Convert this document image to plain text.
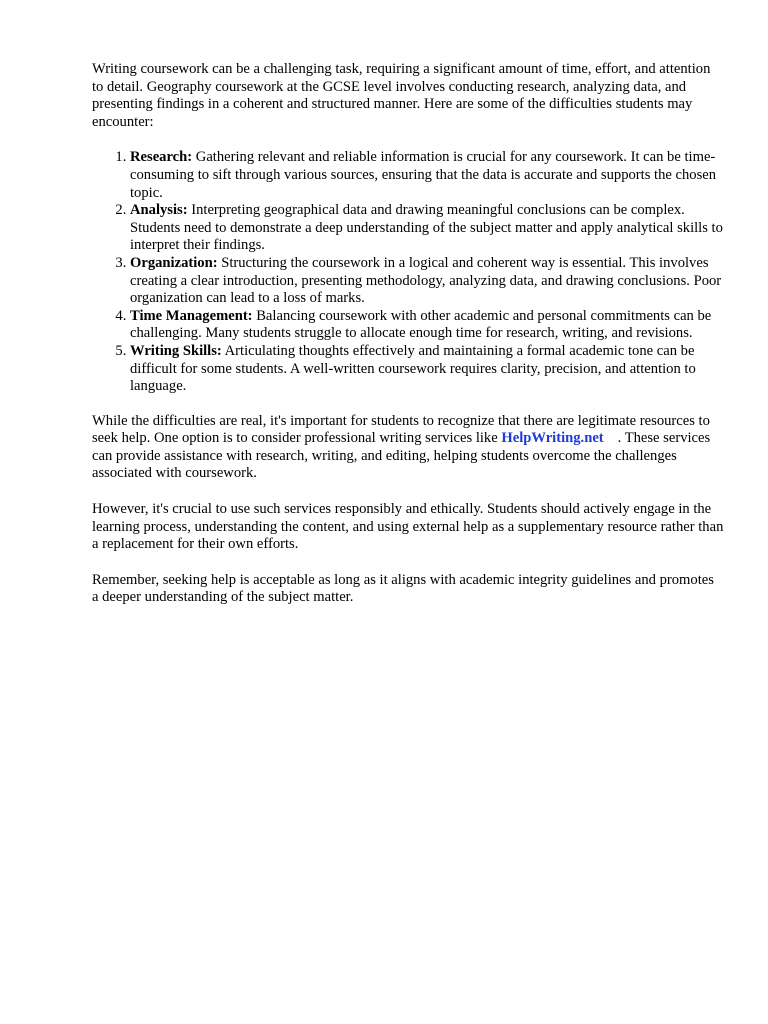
Writing coursework can be a challenging task, requiring a significant amount of time, effort, and attention to detail. Geography coursework at the GCSE level involves conducting research, analyzing data, and presenting findings in a coherent and structured manner. Here are some of the difficulties students may encounter:

1. Research: Gathering relevant and reliable information is crucial for any coursework. It can be time-consuming to sift through various sources, ensuring that the data is accurate and supports the chosen topic.
2. Analysis: Interpreting geographical data and drawing meaningful conclusions can be complex. Students need to demonstrate a deep understanding of the subject matter and apply analytical skills to interpret their findings.
3. Organization: Structuring the coursework in a logical and coherent way is essential. This involves creating a clear introduction, presenting methodology, analyzing data, and drawing conclusions. Poor organization can lead to a loss of marks.
4. Time Management: Balancing coursework with other academic and personal commitments can be challenging. Many students struggle to allocate enough time for research, writing, and revisions.
5. Writing Skills: Articulating thoughts effectively and maintaining a formal academic tone can be difficult for some students. A well-written coursework requires clarity, precision, and attention to language.

While the difficulties are real, it's important for students to recognize that there are legitimate resources to seek help. One option is to consider professional writing services like HelpWriting.net . These services can provide assistance with research, writing, and editing, helping students overcome the challenges associated with coursework.

However, it's crucial to use such services responsibly and ethically. Students should actively engage in the learning process, understanding the content, and using external help as a supplementary resource rather than a replacement for their own efforts.

Remember, seeking help is acceptable as long as it aligns with academic integrity guidelines and promotes a deeper understanding of the subject matter.
